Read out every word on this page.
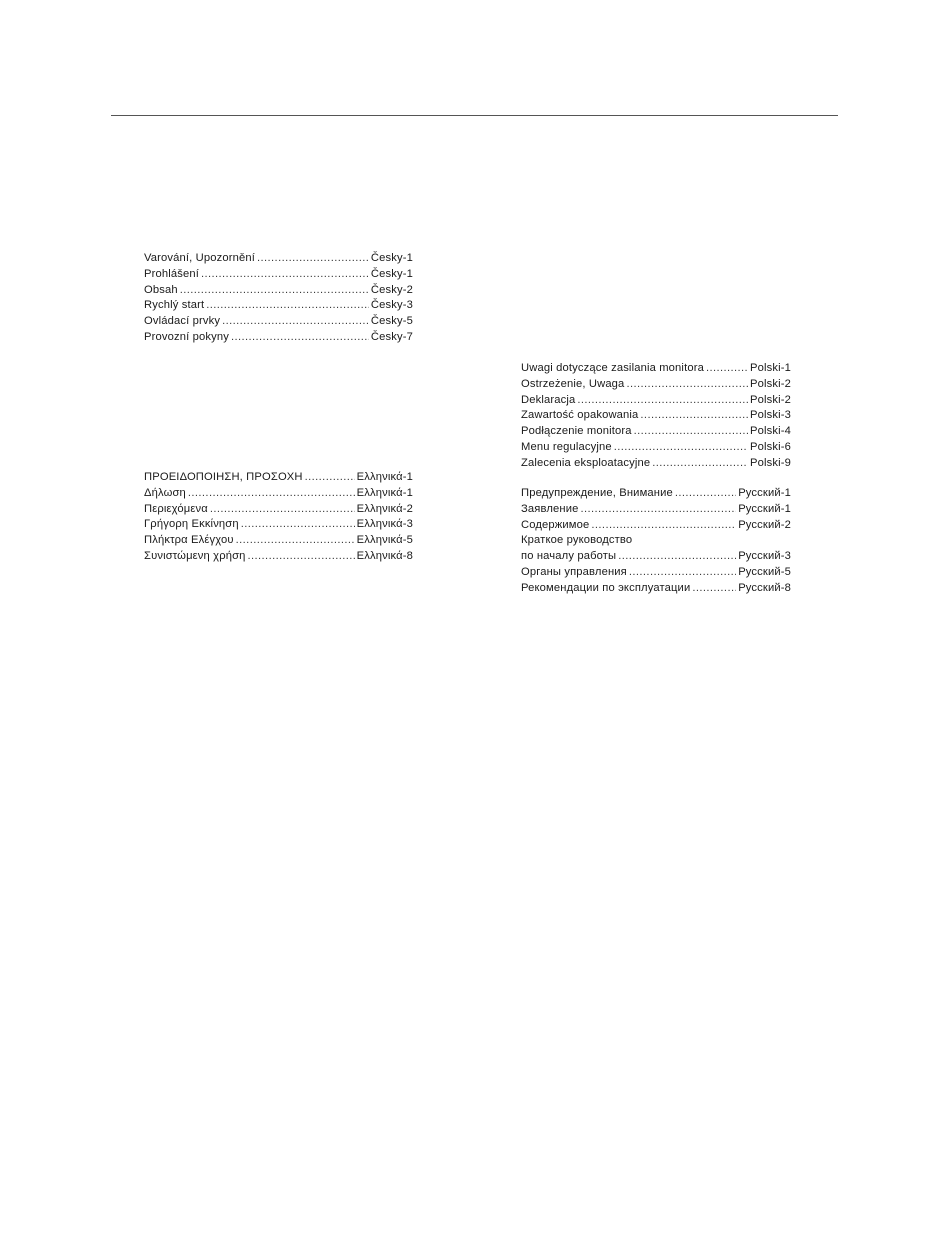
Varování, Upozornění .....	Česky-1
Prohlášení .....	Česky-1
Obsah .....	Česky-2
Rychlý start .....	Česky-3
Ovládací prvky .....	Česky-5
Provozní pokyny .....	Česky-7
ΠΡΟΕΙΔΟΠΟΙΗΣΗ, ΠΡΟΣΟΧΗ .....	Ελληνικά-1
Δήλωση .....	Ελληνικά-1
Περιεχόμενα .....	Ελληνικά-2
Γρήγορη Εκκίνηση .....	Ελληνικά-3
Πλήκτρα Ελέγχου .....	Ελληνικά-5
Συνιστώμενη χρήση .....	Ελληνικά-8
Uwagi dotyczące zasilania monitora .....	Polski-1
Ostrzeżenie, Uwaga .....	Polski-2
Deklaracja .....	Polski-2
Zawartość opakowania .....	Polski-3
Podłączenie monitora .....	Polski-4
Menu regulacyjne .....	Polski-6
Zalecenia eksploatacyjne .....	Polski-9
Предупреждение, Внимание .....	Русский-1
Заявление .....	Русский-1
Содержимое .....	Русский-2
Краткое руководство
по началу работы .....	Русский-3
Органы управления .....	Русский-5
Рекомендации по эксплуатации .....	Русский-8
